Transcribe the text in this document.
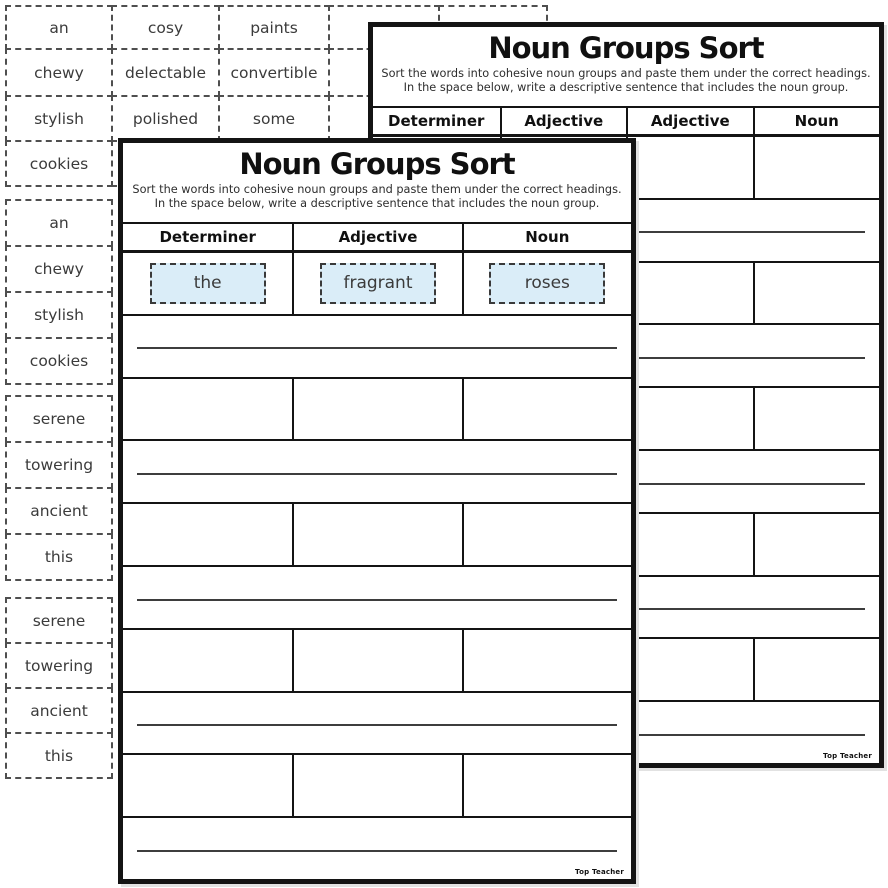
an	cosy	paints
chewy	delectable	convertible
stylish	polished	some
cookies
an
chewy
stylish
cookies
serene
towering
ancient
this
serene
towering
ancient
this
Noun Groups Sort
Sort the words into cohesive noun groups and paste them under the correct headings.
In the space below, write a descriptive sentence that includes the noun group.
Determiner	Adjective	Adjective	Noun
Top Teacher
Noun Groups Sort
Sort the words into cohesive noun groups and paste them under the correct headings.
In the space below, write a descriptive sentence that includes the noun group.
Determiner	Adjective	Noun
the	fragrant	roses
Top Teacher
